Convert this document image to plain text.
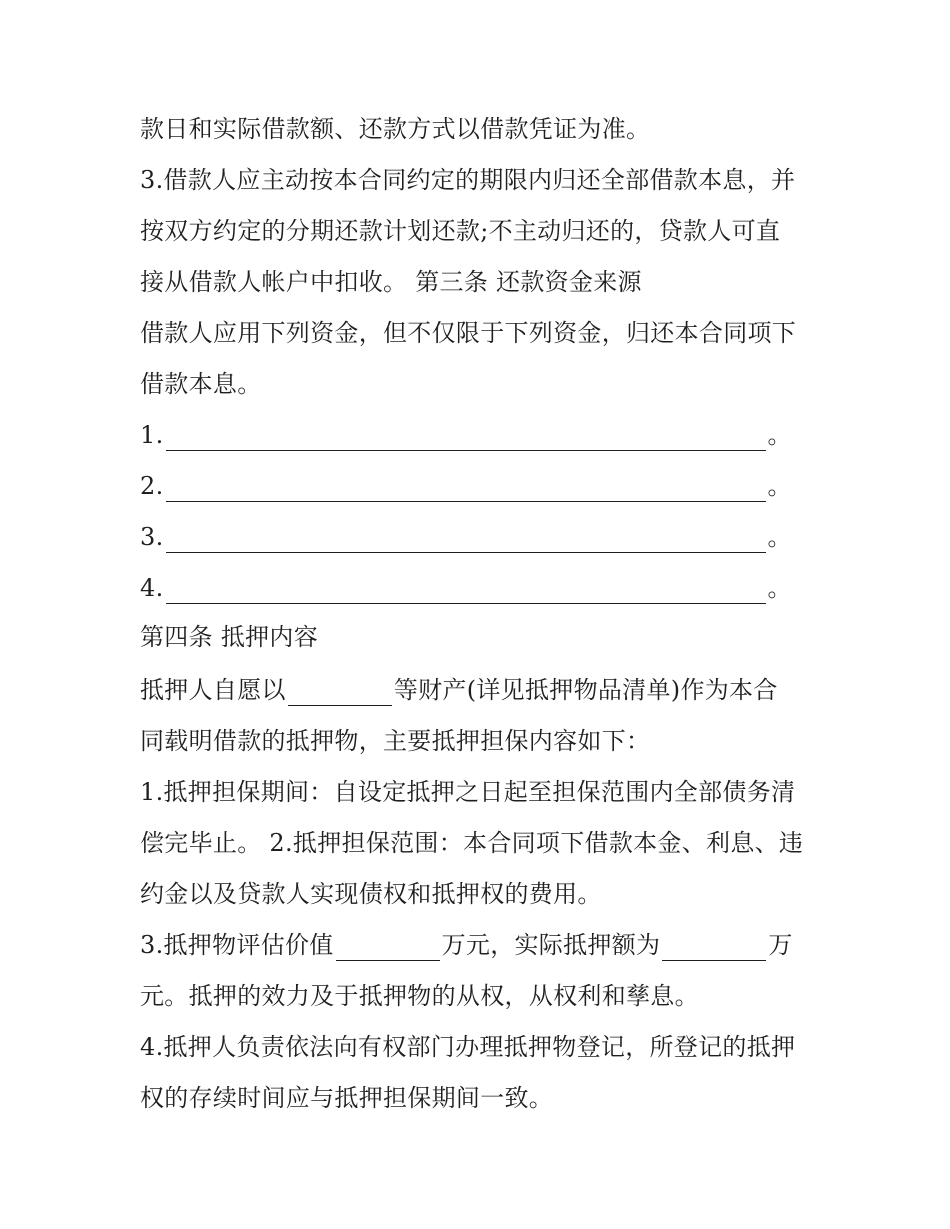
款日和实际借款额、还款方式以借款凭证为准。
3.借款人应主动按本合同约定的期限内归还全部借款本息，并
按双方约定的分期还款计划还款;不主动归还的，贷款人可直
接从借款人帐户中扣收。 第三条 还款资金来源
借款人应用下列资金，但不仅限于下列资金，归还本合同项下
借款本息。
1.	。
2.	。
3.	。
4.	。
第四条 抵押内容
抵押人自愿以	等财产(详见抵押物品清单)作为本合
同载明借款的抵押物，主要抵押担保内容如下：
1.抵押担保期间：自设定抵押之日起至担保范围内全部债务清
偿完毕止。 2.抵押担保范围：本合同项下借款本金、利息、违
约金以及贷款人实现债权和抵押权的费用。
3.抵押物评估价值	万元，实际抵押额为	万
元。抵押的效力及于抵押物的从权，从权利和孳息。
4.抵押人负责依法向有权部门办理抵押物登记，所登记的抵押
权的存续时间应与抵押担保期间一致。
